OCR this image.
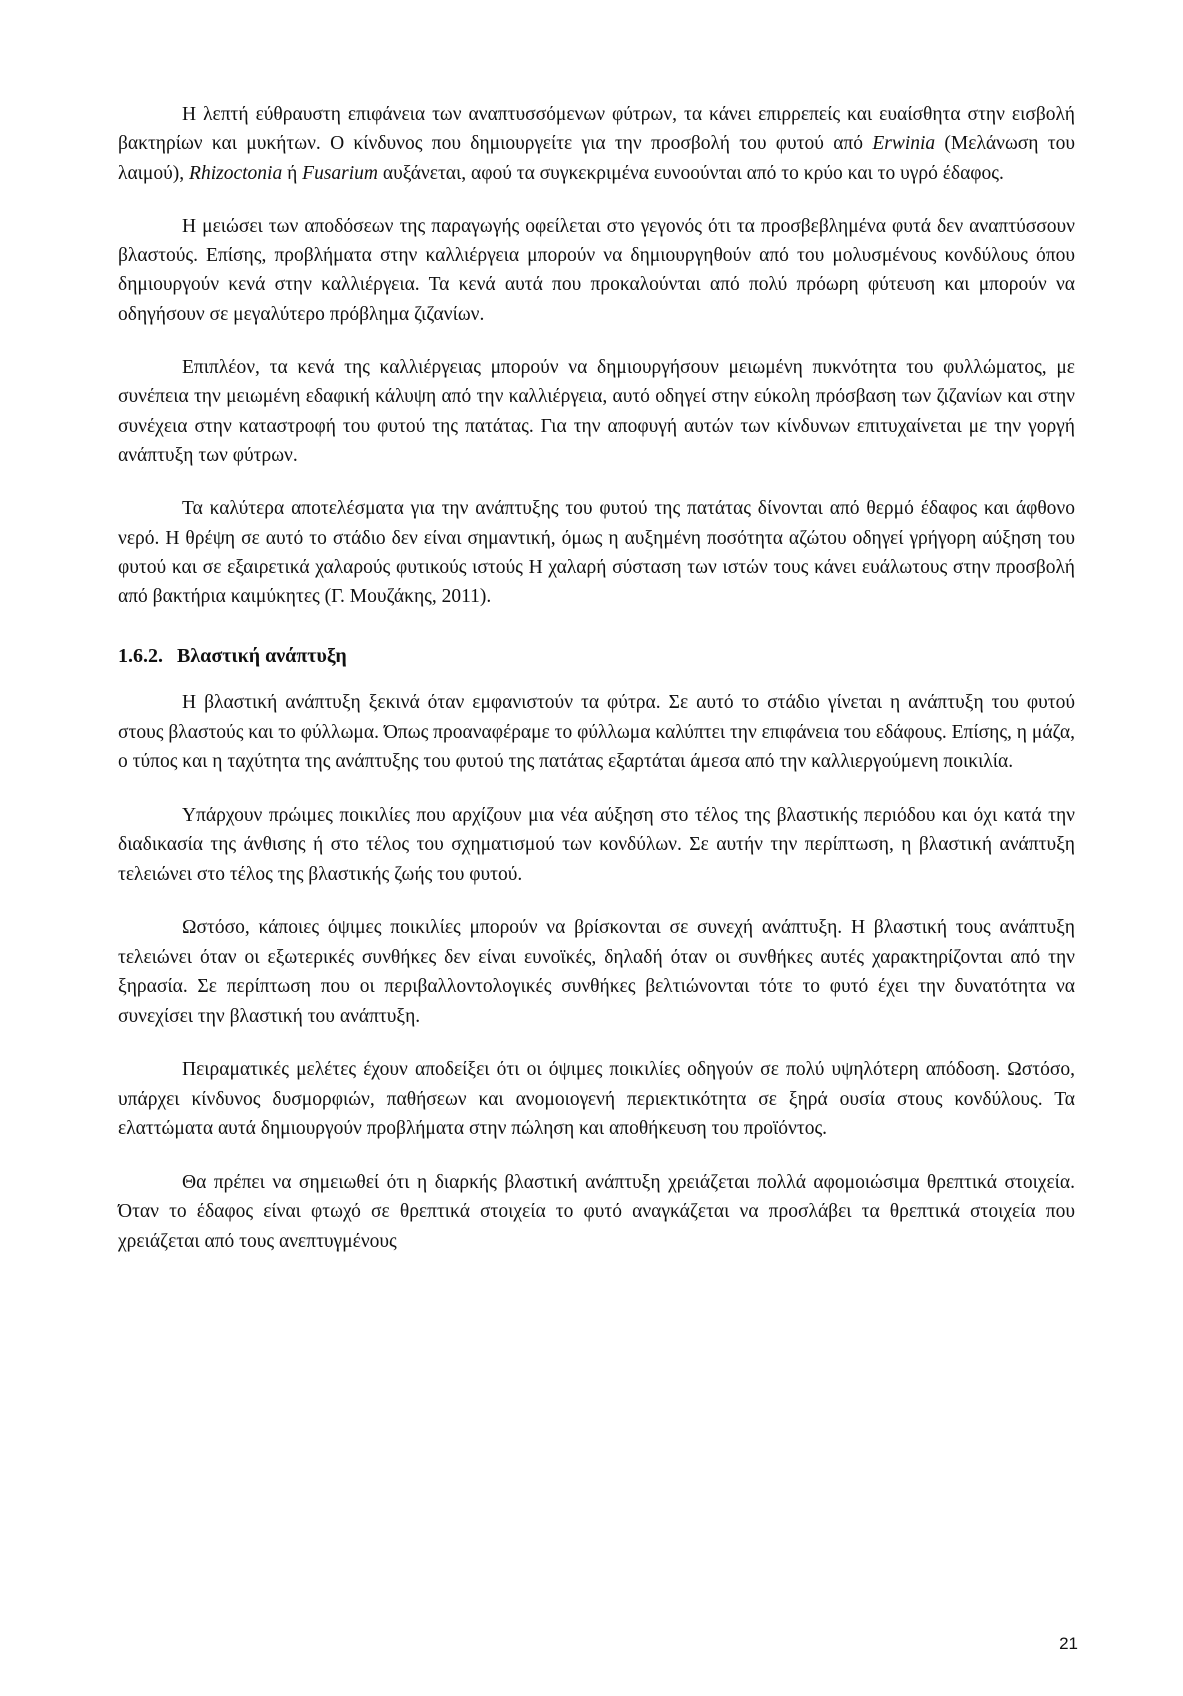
Η λεπτή εύθραυστη επιφάνεια των αναπτυσσόμενων φύτρων, τα κάνει επιρρεπείς και ευαίσθητα στην εισβολή βακτηρίων και μυκήτων. Ο κίνδυνος που δημιουργείτε για την προσβολή του φυτού από Erwinia (Μελάνωση του λαιμού), Rhizoctonia ή Fusarium αυξάνεται, αφού τα συγκεκριμένα ευνοούνται από το κρύο και το υγρό έδαφος.

Η μειώσει των αποδόσεων της παραγωγής οφείλεται στο γεγονός ότι τα προσβεβλημένα φυτά δεν αναπτύσσουν βλαστούς. Επίσης, προβλήματα στην καλλιέργεια μπορούν να δημιουργηθούν από του μολυσμένους κονδύλους όπου δημιουργούν κενά στην καλλιέργεια. Τα κενά αυτά που προκαλούνται από πολύ πρόωρη φύτευση και μπορούν να οδηγήσουν σε μεγαλύτερο πρόβλημα ζιζανίων.

Επιπλέον, τα κενά της καλλιέργειας μπορούν να δημιουργήσουν μειωμένη πυκνότητα του φυλλώματος, με συνέπεια την μειωμένη εδαφική κάλυψη από την καλλιέργεια, αυτό οδηγεί στην εύκολη πρόσβαση των ζιζανίων και στην συνέχεια στην καταστροφή του φυτού της πατάτας. Για την αποφυγή αυτών των κίνδυνων επιτυχαίνεται με την γοργή ανάπτυξη των φύτρων.

Τα καλύτερα αποτελέσματα για την ανάπτυξης του φυτού της πατάτας δίνονται από θερμό έδαφος και άφθονο νερό. Η θρέψη σε αυτό το στάδιο δεν είναι σημαντική, όμως η αυξημένη ποσότητα αζώτου οδηγεί γρήγορη αύξηση του φυτού και σε εξαιρετικά χαλαρούς φυτικούς ιστούς Η χαλαρή σύσταση των ιστών τους κάνει ευάλωτους στην προσβολή από βακτήρια καιμύκητες (Γ. Μουζάκης, 2011).

1.6.2. Βλαστική ανάπτυξη

Η βλαστική ανάπτυξη ξεκινά όταν εμφανιστούν τα φύτρα. Σε αυτό το στάδιο γίνεται η ανάπτυξη του φυτού στους βλαστούς και το φύλλωμα. Όπως προαναφέραμε το φύλλωμα καλύπτει την επιφάνεια του εδάφους. Επίσης, η μάζα, ο τύπος και η ταχύτητα της ανάπτυξης του φυτού της πατάτας εξαρτάται άμεσα από την καλλιεργούμενη ποικιλία.

Υπάρχουν πρώιμες ποικιλίες που αρχίζουν μια νέα αύξηση στο τέλος της βλαστικής περιόδου και όχι κατά την διαδικασία της άνθισης ή στο τέλος του σχηματισμού των κονδύλων. Σε αυτήν την περίπτωση, η βλαστική ανάπτυξη τελειώνει στο τέλος της βλαστικής ζωής του φυτού.

Ωστόσο, κάποιες όψιμες ποικιλίες μπορούν να βρίσκονται σε συνεχή ανάπτυξη. Η βλαστική τους ανάπτυξη τελειώνει όταν οι εξωτερικές συνθήκες δεν είναι ευνοϊκές, δηλαδή όταν οι συνθήκες αυτές χαρακτηρίζονται από την ξηρασία. Σε περίπτωση που οι περιβαλλοντολογικές συνθήκες βελτιώνονται τότε το φυτό έχει την δυνατότητα να συνεχίσει την βλαστική του ανάπτυξη.

Πειραματικές μελέτες έχουν αποδείξει ότι οι όψιμες ποικιλίες οδηγούν σε πολύ υψηλότερη απόδοση. Ωστόσο, υπάρχει κίνδυνος δυσμορφιών, παθήσεων και ανομοιογενή περιεκτικότητα σε ξηρά ουσία στους κονδύλους. Τα ελαττώματα αυτά δημιουργούν προβλήματα στην πώληση και αποθήκευση του προϊόντος.

Θα πρέπει να σημειωθεί ότι η διαρκής βλαστική ανάπτυξη χρειάζεται πολλά αφομοιώσιμα θρεπτικά στοιχεία. Όταν το έδαφος είναι φτωχό σε θρεπτικά στοιχεία το φυτό αναγκάζεται να προσλάβει τα θρεπτικά στοιχεία που χρειάζεται από τους ανεπτυγμένους

21
